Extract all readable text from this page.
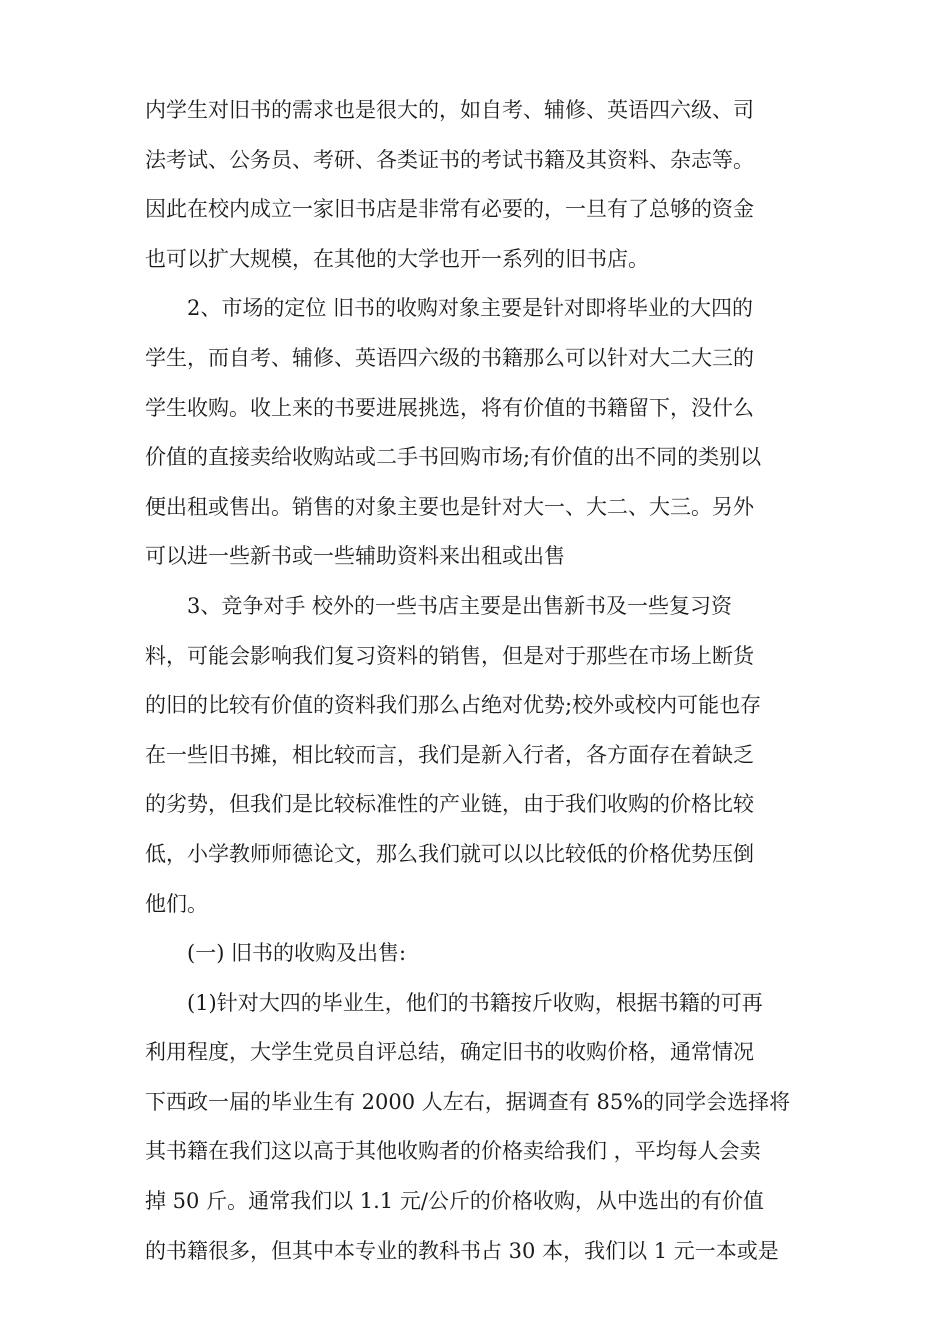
内学生对旧书的需求也是很大的，如自考、辅修、英语四六级、司
法考试、公务员、考研、各类证书的考试书籍及其资料、杂志等。
因此在校内成立一家旧书店是非常有必要的，一旦有了总够的资金
也可以扩大规模，在其他的大学也开一系列的旧书店。
2、市场的定位 旧书的收购对象主要是针对即将毕业的大四的
学生，而自考、辅修、英语四六级的书籍那么可以针对大二大三的
学生收购。收上来的书要进展挑选，将有价值的书籍留下，没什么
价值的直接卖给收购站或二手书回购市场;有价值的出不同的类别以
便出租或售出。销售的对象主要也是针对大一、大二、大三。另外
可以进一些新书或一些辅助资料来出租或出售
3、竞争对手 校外的一些书店主要是出售新书及一些复习资
料，可能会影响我们复习资料的销售，但是对于那些在市场上断货
的旧的比较有价值的资料我们那么占绝对优势;校外或校内可能也存
在一些旧书摊，相比较而言，我们是新入行者，各方面存在着缺乏
的劣势，但我们是比较标准性的产业链，由于我们收购的价格比较
低，小学教师师德论文，那么我们就可以以比较低的价格优势压倒
他们。
(一) 旧书的收购及出售:
(1)针对大四的毕业生，他们的书籍按斤收购，根据书籍的可再
利用程度，大学生党员自评总结，确定旧书的收购价格，通常情况
下西政一届的毕业生有 2000 人左右，据调查有 85%的同学会选择将
其书籍在我们这以高于其他收购者的价格卖给我们 ，平均每人会卖
掉 50 斤。通常我们以 1.1 元/公斤的价格收购，从中选出的有价值
的书籍很多，但其中本专业的教科书占 30 本，我们以 1 元一本或是
